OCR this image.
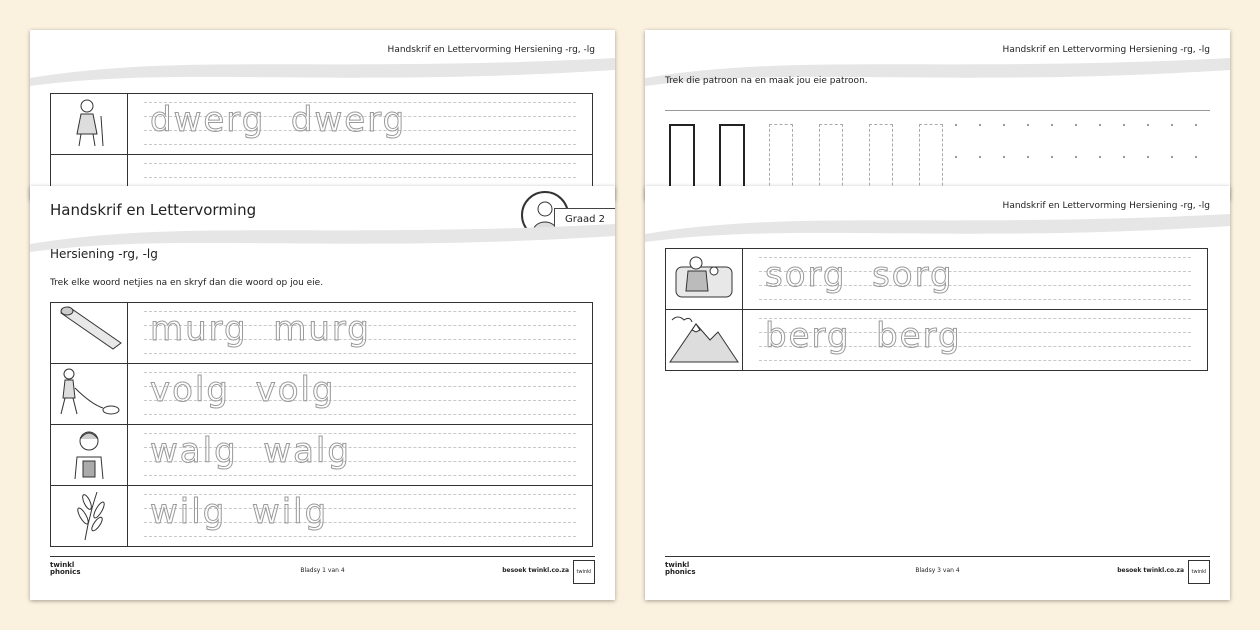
Handskrif en Lettervorming Hersiening -rg, -lg

dwerg  dwerg

Handskrif en Lettervorming	Graad 2
Hersiening -rg, -lg
Trek elke woord netjies na en skryf dan die woord op jou eie.

murg  murg

volg  volg

walg  walg

wilg  wilg
twinkl
phonics	Bladsy 1 van 4	besoek twinkl.co.za	twinkl
Handskrif en Lettervorming Hersiening -rg, -lg
Trek die patroon na en maak jou eie patroon.
Handskrif en Lettervorming Hersiening -rg, -lg

sorg  sorg

berg  berg
twinkl
phonics	Bladsy 3 van 4	besoek twinkl.co.za	twinkl
